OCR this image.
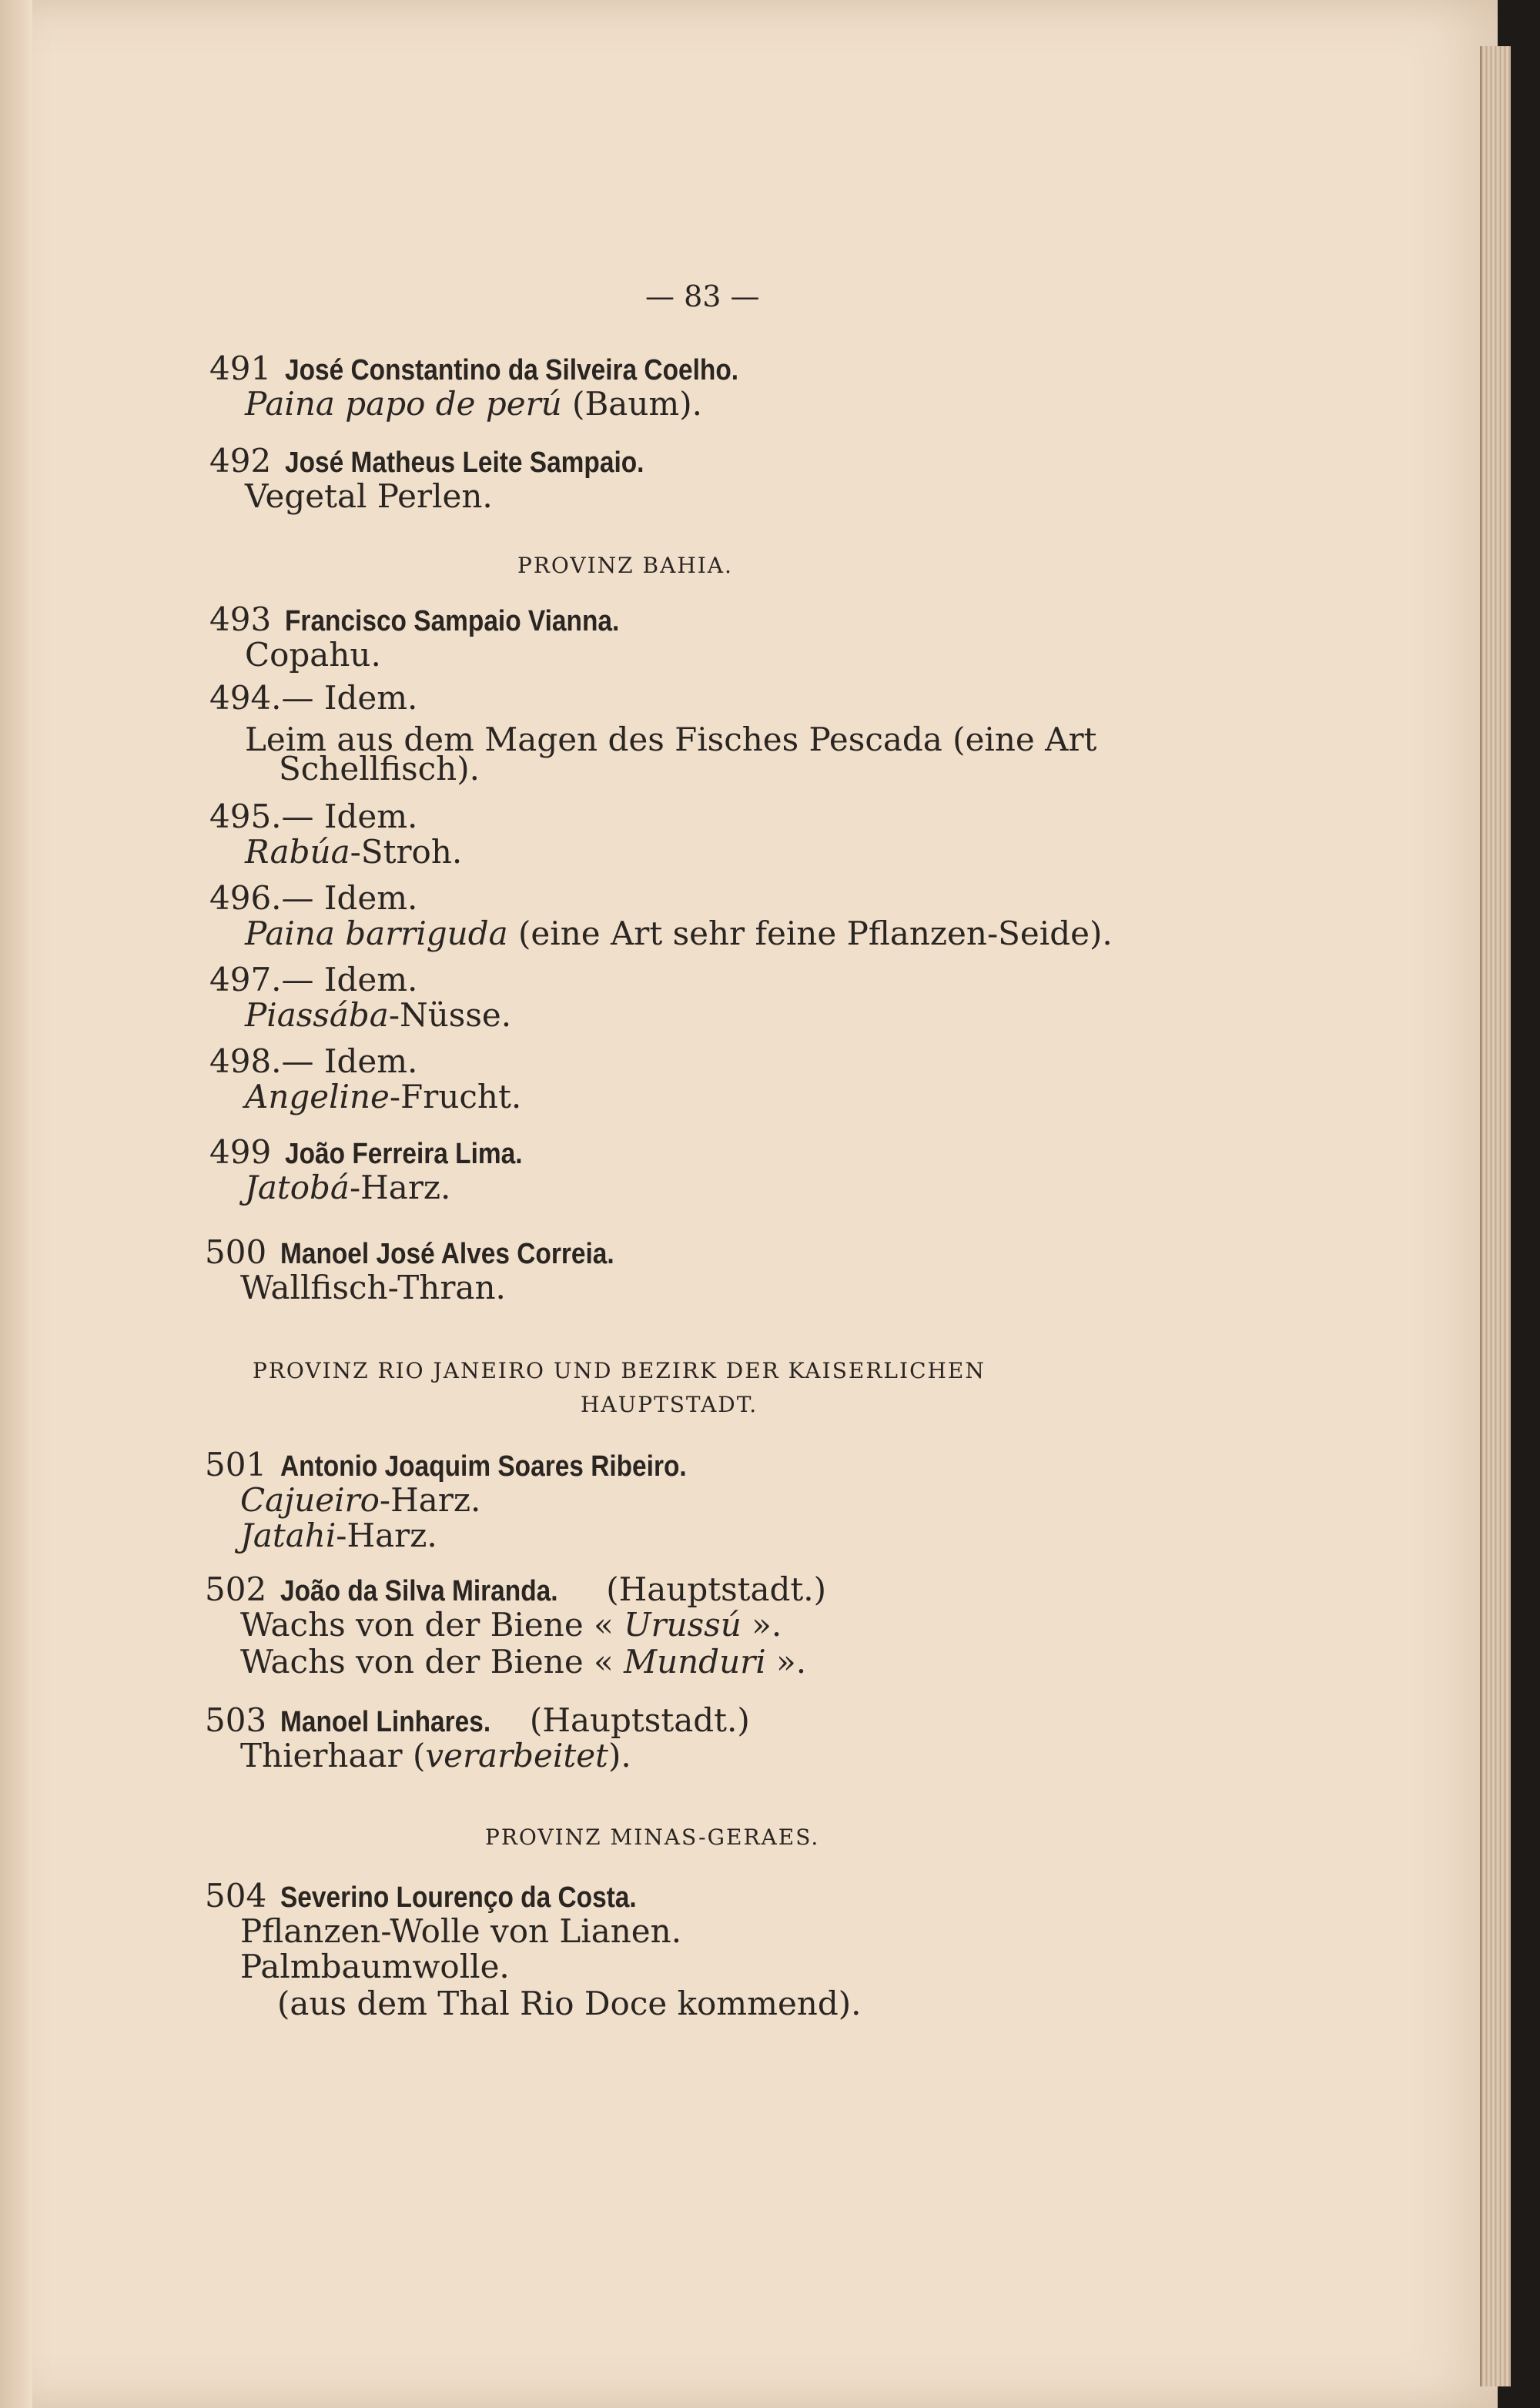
— 83 —
491 José Constantino da Silveira Coelho.
Paina papo de perú (Baum).
492 José Matheus Leite Sampaio.
Vegetal Perlen.
PROVINZ BAHIA.
493 Francisco Sampaio Vianna.
Copahu.
494.— Idem.
Leim aus dem Magen des Fisches Pescada (eine Art
Schellfisch).
495.— Idem.
Rabúa-Stroh.
496.— Idem.
Paina barriguda (eine Art sehr feine Pflanzen-Seide).
497.— Idem.
Piassába-Nüsse.
498.— Idem.
Angeline-Frucht.
499 João Ferreira Lima.
Jatobá-Harz.
500 Manoel José Alves Correia.
Wallfisch-Thran.
PROVINZ RIO JANEIRO UND BEZIRK DER KAISERLICHEN
HAUPTSTADT.
501 Antonio Joaquim Soares Ribeiro.
Cajueiro-Harz.
Jatahi-Harz.
502 João da Silva Miranda. (Hauptstadt.)
Wachs von der Biene « Urussú ».
Wachs von der Biene « Munduri ».
503 Manoel Linhares. (Hauptstadt.)
Thierhaar (verarbeitet).
PROVINZ MINAS-GERAES.
504 Severino Lourenço da Costa.
Pflanzen-Wolle von Lianen.
Palmbaumwolle.
(aus dem Thal Rio Doce kommend).
